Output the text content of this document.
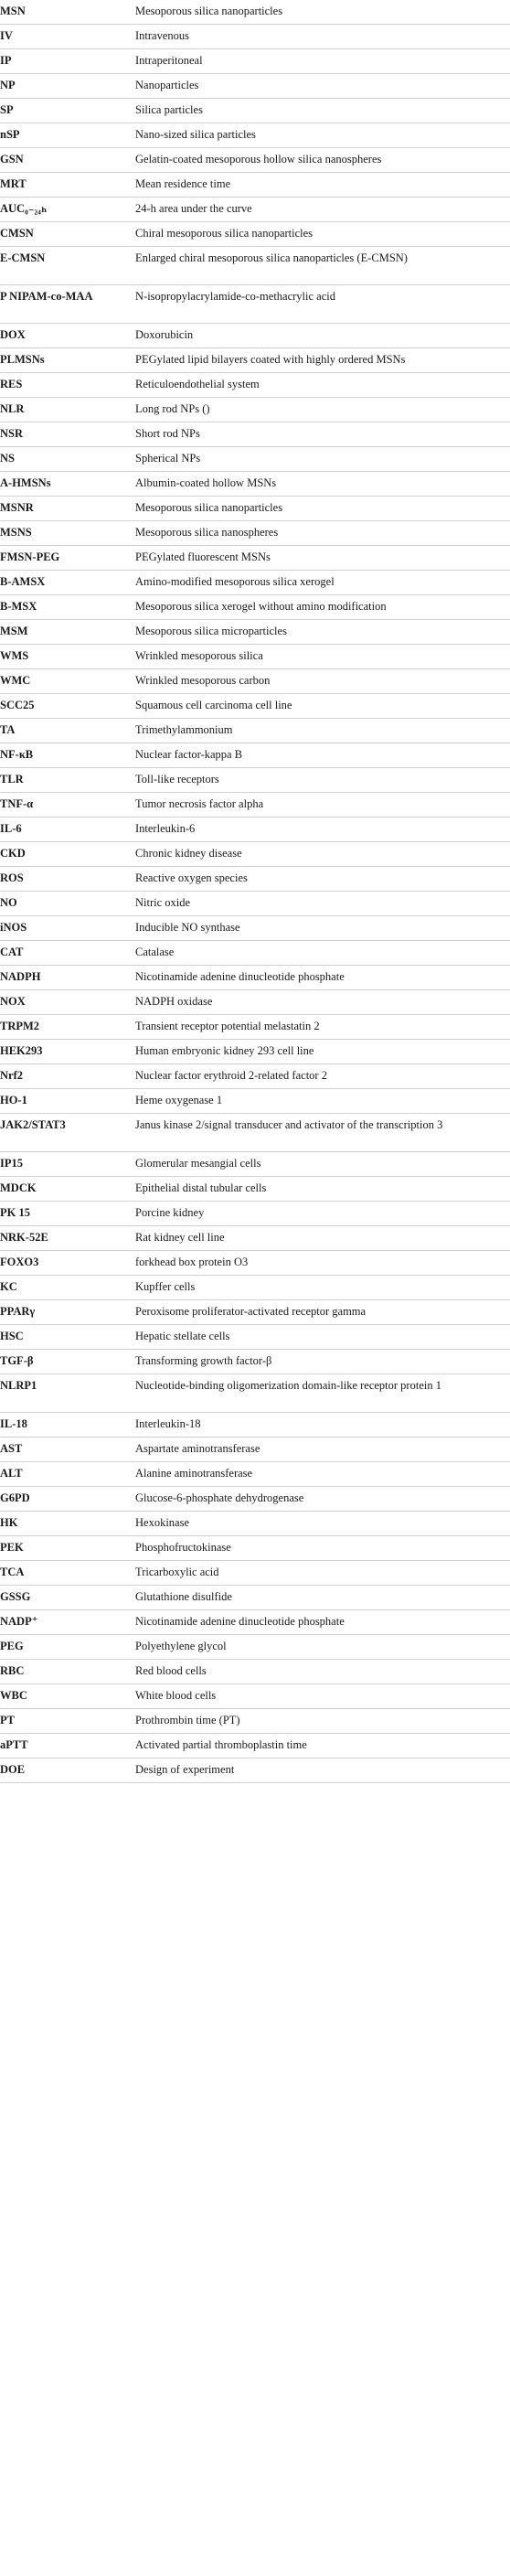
MSN	Mesoporous silica nanoparticles
IV	Intravenous
IP	Intraperitoneal
NP	Nanoparticles
SP	Silica particles
nSP	Nano-sized silica particles
GSN	Gelatin-coated mesoporous hollow silica nanospheres
MRT	Mean residence time
AUC₀₋₂₄ₕ	24-h area under the curve
CMSN	Chiral mesoporous silica nanoparticles
E-CMSN	Enlarged chiral mesoporous silica nanoparticles (E-CMSN)
P NIPAM-co-MAA	N-isopropylacrylamide-co-methacrylic acid
DOX	Doxorubicin
PLMSNs	PEGylated lipid bilayers coated with highly ordered MSNs
RES	Reticuloendothelial system
NLR	Long rod NPs ()
NSR	Short rod NPs
NS	Spherical NPs
A-HMSNs	Albumin-coated hollow MSNs
MSNR	Mesoporous silica nanoparticles
MSNS	Mesoporous silica nanospheres
FMSN-PEG	PEGylated fluorescent MSNs
B-AMSX	Amino-modified mesoporous silica xerogel
B-MSX	Mesoporous silica xerogel without amino modification
MSM	Mesoporous silica microparticles
WMS	Wrinkled mesoporous silica
WMC	Wrinkled mesoporous carbon
SCC25	Squamous cell carcinoma cell line
TA	Trimethylammonium
NF-κB	Nuclear factor-kappa B
TLR	Toll-like receptors
TNF-α	Tumor necrosis factor alpha
IL-6	Interleukin-6
CKD	Chronic kidney disease
ROS	Reactive oxygen species
NO	Nitric oxide
iNOS	Inducible NO synthase
CAT	Catalase
NADPH	Nicotinamide adenine dinucleotide phosphate
NOX	NADPH oxidase
TRPM2	Transient receptor potential melastatin 2
HEK293	Human embryonic kidney 293 cell line
Nrf2	Nuclear factor erythroid 2-related factor 2
HO-1	Heme oxygenase 1
JAK2/STAT3	Janus kinase 2/signal transducer and activator of the transcription 3
IP15	Glomerular mesangial cells
MDCK	Epithelial distal tubular cells
PK 15	Porcine kidney
NRK-52E	Rat kidney cell line
FOXO3	forkhead box protein O3
KC	Kupffer cells
PPARγ	Peroxisome proliferator-activated receptor gamma
HSC	Hepatic stellate cells
TGF-β	Transforming growth factor-β
NLRP1	Nucleotide-binding oligomerization domain-like receptor protein 1
IL-18	Interleukin-18
AST	Aspartate aminotransferase
ALT	Alanine aminotransferase
G6PD	Glucose-6-phosphate dehydrogenase
HK	Hexokinase
PEK	Phosphofructokinase
TCA	Tricarboxylic acid
GSSG	Glutathione disulfide
NADP⁺	Nicotinamide adenine dinucleotide phosphate
PEG	Polyethylene glycol
RBC	Red blood cells
WBC	White blood cells
PT	Prothrombin time (PT)
aPTT	Activated partial thromboplastin time
DOE	Design of experiment
